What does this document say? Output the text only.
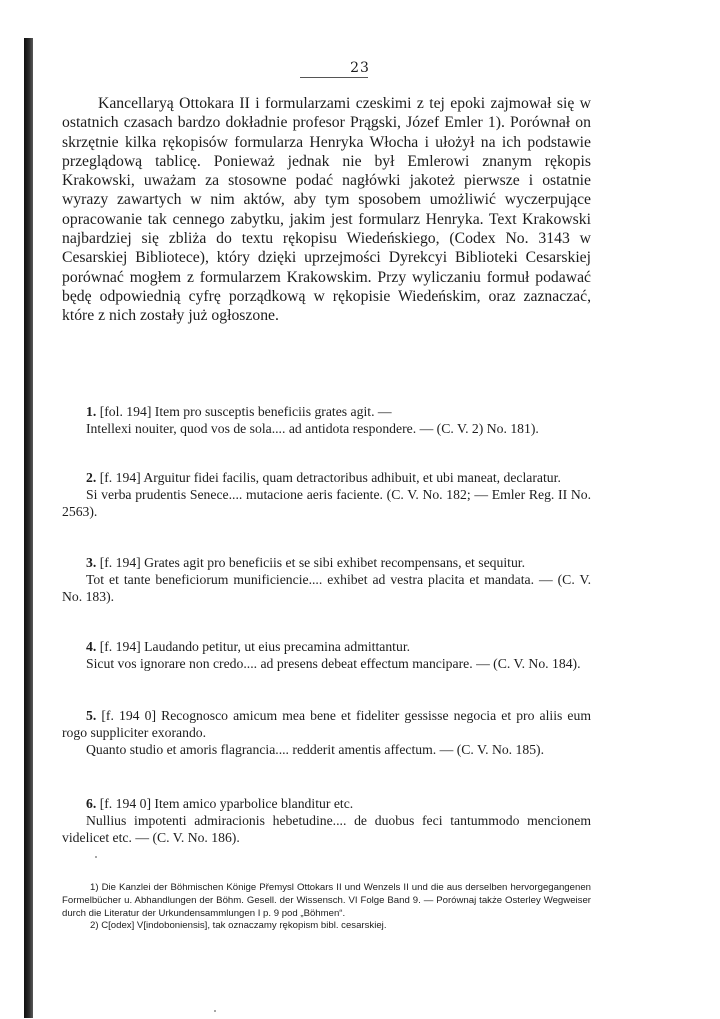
23

Kancellaryą Ottokara II i formularzami czeskimi z tej epoki zajmował się w ostatnich czasach bardzo dokładnie profesor Prągski, Józef Emler 1). Porównał on skrzętnie kilka rękopisów formularza Henryka Włocha i ułożył na ich podstawie przeglądową tablicę. Ponieważ jednak nie był Emlerowi znanym rękopis Krakowski, uważam za stosowne podać nagłówki jakoteż pierwsze i ostatnie wyrazy zawartych w nim aktów, aby tym sposobem umożliwić wyczerpujące opracowanie tak cennego zabytku, jakim jest formularz Henryka. Text Krakowski najbardziej się zbliża do textu rękopisu Wiedeńskiego, (Codex No. 3143 w Cesarskiej Bibliotece), który dzięki uprzejmości Dyrekcyi Biblioteki Cesarskiej porównać mogłem z formularzem Krakowskim. Przy wyliczaniu formuł podawać będę odpowiednią cyfrę porządkową w rękopisie Wiedeńskim, oraz zaznaczać, które z nich zostały już ogłoszone.

1. [fol. 194] Item pro susceptis beneficiis grates agit. —
Intellexi nouiter, quod vos de sola.... ad antidota respondere. — (C. V. 2) No. 181).
2. [f. 194] Arguitur fidei facilis, quam detractoribus adhibuit, et ubi maneat, declaratur.
Si verba prudentis Senece.... mutacione aeris faciente. (C. V. No. 182; — Emler Reg. II No. 2563).
3. [f. 194] Grates agit pro beneficiis et se sibi exhibet recompensans, et sequitur.
Tot et tante beneficiorum munificiencie.... exhibet ad vestra placita et mandata. — (C. V. No. 183).
4. [f. 194] Laudando petitur, ut eius precamina admittantur.
Sicut vos ignorare non credo.... ad presens debeat effectum mancipare. — (C. V. No. 184).
5. [f. 194 0] Recognosco amicum mea bene et fideliter gessisse negocia et pro aliis eum rogo suppliciter exorando.
Quanto studio et amoris flagrancia.... redderit amentis affectum. — (C. V. No. 185).
6. [f. 194 0] Item amico yparbolice blanditur etc.
Nullius impotenti admiracionis hebetudine.... de duobus feci tantummodo mencionem videlicet etc. — (C. V. No. 186).
1) Die Kanzlei der Böhmischen Könige Přemysl Ottokars II und Wenzels II und die aus derselben hervorgegangenen Formelbücher u. Abhandlungen der Böhm. Gesell. der Wissensch. VI Folge Band 9. — Porównaj także Osterley Wegweiser durch die Literatur der Urkundensammlungen I p. 9 pod „Böhmen“.
2) C[odex] V[indoboniensis], tak oznaczamy rękopism bibl. cesarskiej.
